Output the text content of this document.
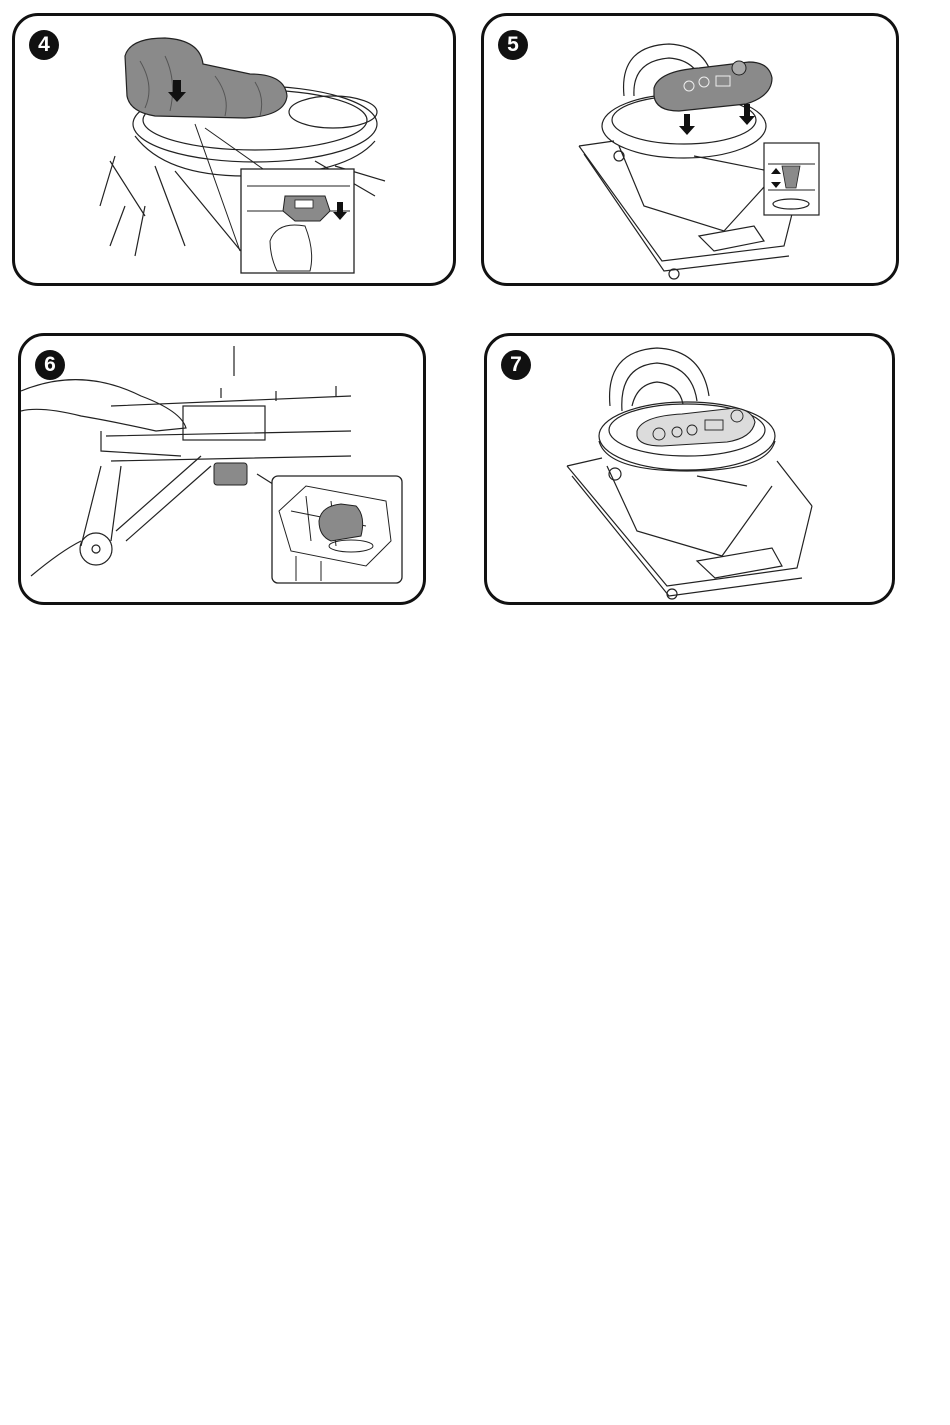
4	5
6	7
